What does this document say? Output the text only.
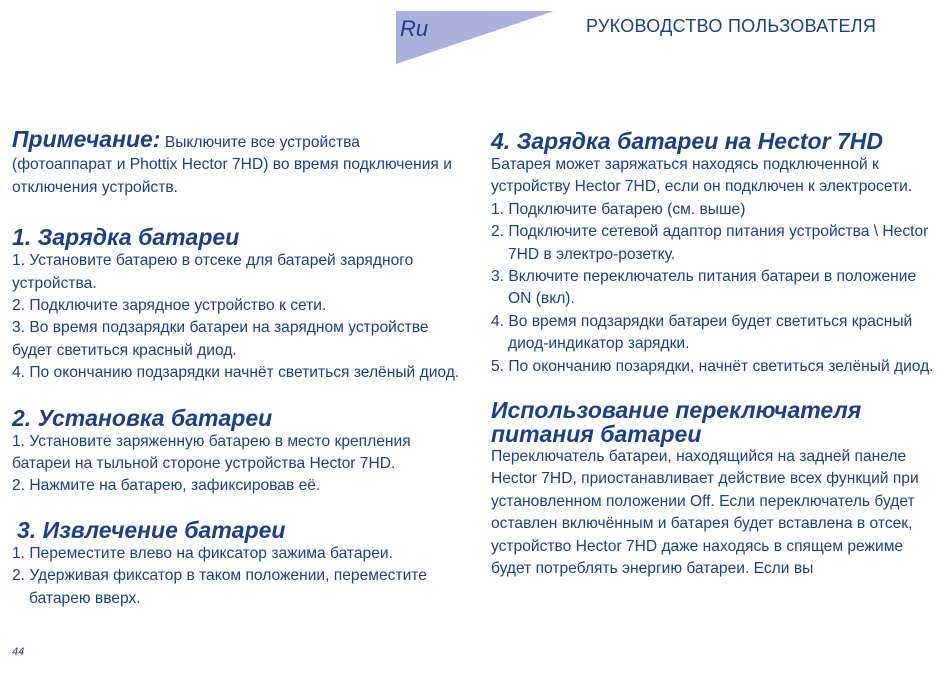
Ru	РУКОВОДСТВО ПОЛЬЗОВАТЕЛЯ

Примечание: Выключите все устройства (фотоаппарат и Phottix Hector 7HD) во время подключения и отключения устройств.

1. Зарядка батареи
1. Установите батарею в отсеке для батарей зарядного устройства.
2. Подключите зарядное устройство к сети.
3. Во время подзарядки батареи на зарядном устройстве будет светиться красный диод.
4. По окончанию подзарядки начнёт светиться зелёный диод.
2. Установка батареи
1. Установите заряженную батарею в место крепления батареи на тыльной стороне устройства Hector 7HD.
2. Нажмите на батарею, зафиксировав её.
3. Извлечение батареи
1. Переместите влево на фиксатор зажима батареи.
2. Удерживая фиксатор в таком положении, переместите батарею вверх.
4. Зарядка батареи на Hector 7HD

Батарея может заряжаться находясь подключенной к устройству Hector 7HD, если он подключен к электросети.

1. Подключите батарею (см. выше)
2. Подключите сетевой адаптор питания устройства \ Hector 7HD в электро-розетку.
3. Включите переключатель питания батареи в положение ON (вкл).
4. Во время подзарядки батареи будет светиться красный диод-индикатор зарядки.
5. По окончанию позарядки, начнёт светиться зелёный диод.
Использование переключателя питания батареи

Переключатель батареи, находящийся на задней панеле Hector 7HD, приостанавливает действие всех функций при установленном положении Off. Если переключатель будет оставлен включённым и батарея будет вставлена в отсек, устройство Hector 7HD даже находясь в спящем режиме будет потреблять энергию батареи. Если вы

44
